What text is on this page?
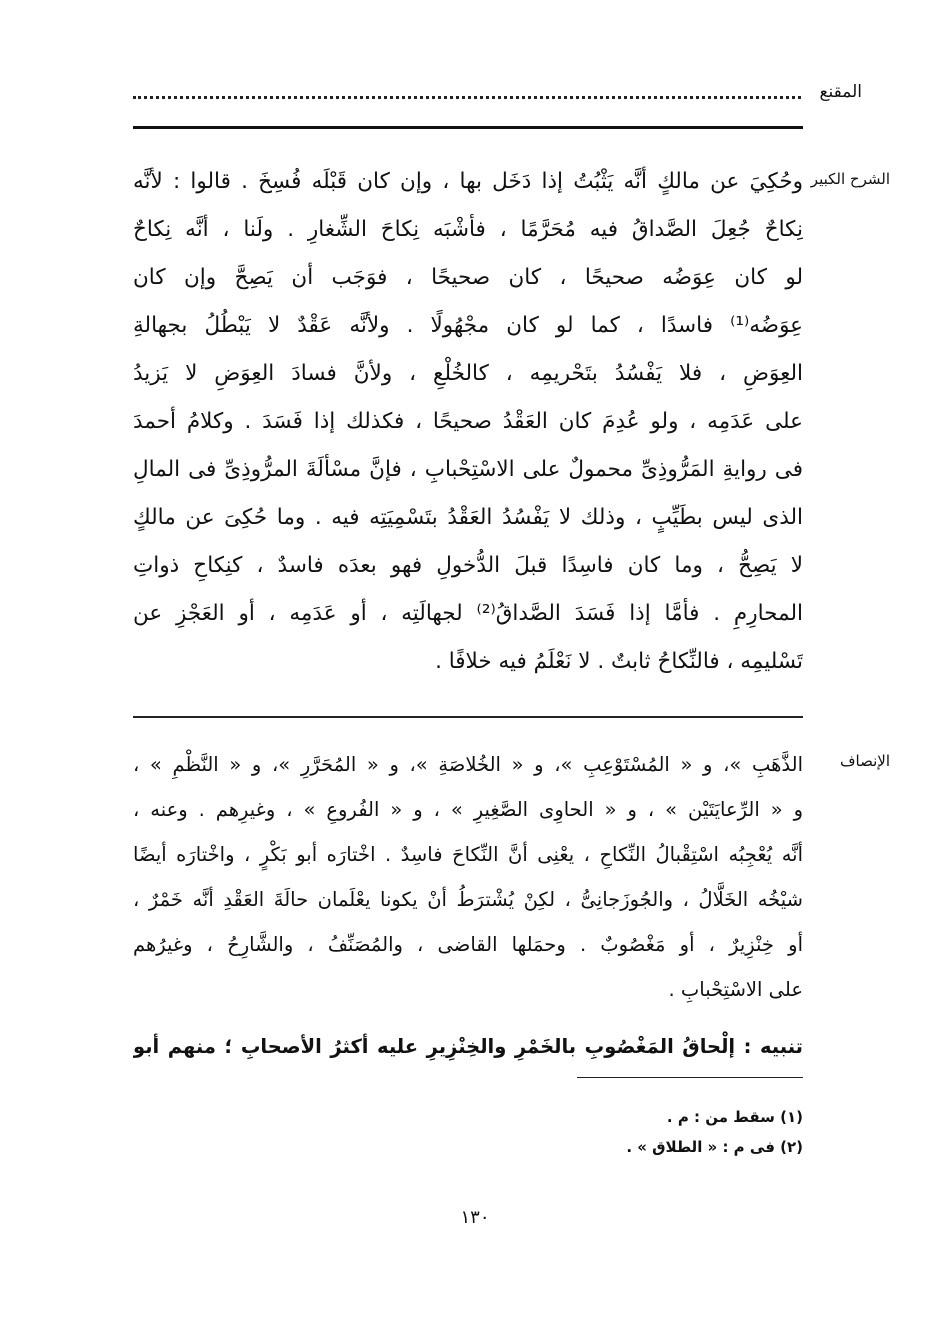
المقنع
الشرح الكبير
وحُكِيَ عن مالكٍ أنَّه يَثْبُتُ إذا دَخَل بها ، وإن كان قَبْلَه فُسِخَ . قالوا : لأنَّه
نِكاحٌ جُعِلَ الصَّداقُ فيه مُحَرَّمًا ، فأشْبَه نِكاحَ الشِّغارِ . ولَنا ، أنَّه نِكاحٌ
لو كان عِوَضُه صحيحًا ، كان صحيحًا ، فوَجَب أن يَصِحَّ وإن كان
عِوَضُه⁽¹⁾ فاسدًا ، كما لو كان مجْهُولًا . ولأنَّه عَقْدٌ لا يَبْطُلُ بجهالةِ
العِوَضِ ، فلا يَفْسُدُ بتَحْريمِه ، كالخُلْعِ ، ولأنَّ فسادَ العِوَضِ لا يَزيدُ
على عَدَمِه ، ولو عُدِمَ كان العَقْدُ صحيحًا ، فكذلك إذا فَسَدَ . وكلامُ أحمدَ
فى روايةِ المَرُّوذِىِّ محمولٌ على الاسْتِحْبابِ ، فإنَّ مسْألَةَ المرُّوذِىِّ فى المالِ
الذى ليس بطَيِّبٍ ، وذلك لا يَفْسُدُ العَقْدُ بتَسْمِيَتِه فيه . وما حُكِىَ عن مالكٍ
لا يَصِحُّ ، وما كان فاسِدًا قبلَ الدُّخولِ فهو بعدَه فاسدٌ ، كنِكاحِ ذواتِ
المحارِمِ . فأمَّا إذا فَسَدَ الصَّداقُ⁽²⁾ لجهالَتِه ، أو عَدَمِه ، أو العَجْزِ عن
تَسْليمِه ، فالنِّكاحُ ثابتٌ . لا نَعْلَمُ فيه خلافًا .
الإنصاف
الذَّهَبِ »، و « المُسْتَوْعِبِ »، و « الخُلاصَةِ »، و « المُحَرَّرِ »، و « النَّظْمِ » ،
و « الرِّعايَتَيْن » ، و « الحاوِى الصَّغِيرِ » ، و « الفُروعِ » ، وغيرِهم . وعنه ،
أنَّه يُعْجِبُه اسْتِقْبالُ النِّكاحِ ، يعْنِى أنَّ النِّكاحَ فاسِدٌ . اخْتارَه أبو بَكْرٍ ، واخْتارَه أيضًا
شيْخُه الخَلَّالُ ، والجُوزَجانِىُّ ، لكِنْ يُشْترَطُ أنْ يكونا يعْلَمان حالَةَ العَقْدِ أنَّه خَمْرٌ ،
أو خِنْزِيرٌ ، أو مَغْصُوبٌ . وحمَلها القاضى ، والمُصَنِّفُ ، والشَّارِحُ ، وغيرُهم
على الاسْتِحْبابِ .
تنبيه : إلْحاقُ المَغْصُوبِ بالخَمْرِ والخِنْزِيرِ عليه أكثرُ الأصحابِ ؛ منهم أبو
(١) سقط من : م .
(٢) فى م : « الطلاق » .
١٣٠
